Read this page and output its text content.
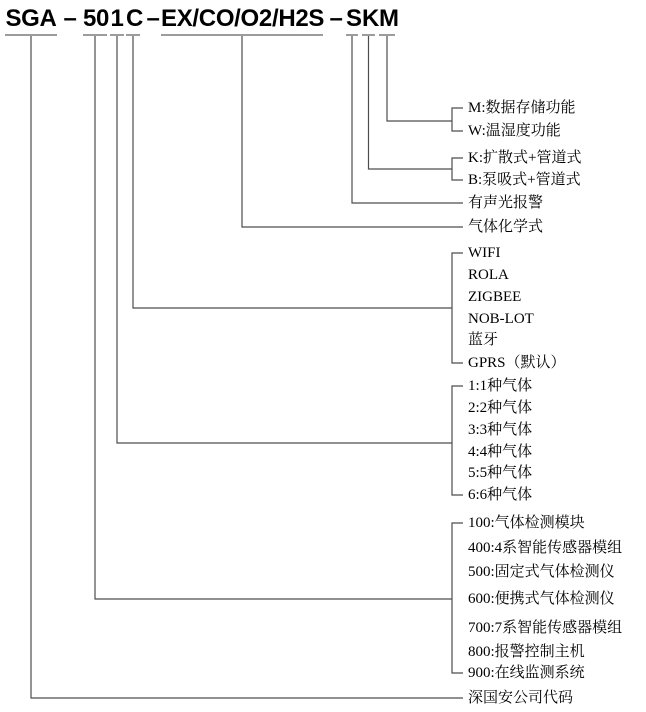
SGA – 50 1 C – EX/CO/O2/H2S – S K M
M:数据存储功能
W:温湿度功能
K:扩散式+管道式
B:泵吸式+管道式
有声光报警
气体化学式
WIFI
ROLA
ZIGBEE
NOB-LOT
蓝牙
GPRS（默认）
1:1种气体
2:2种气体
3:3种气体
4:4种气体
5:5种气体
6:6种气体
100:气体检测模块
400:4系智能传感器模组
500:固定式气体检测仪
600:便携式气体检测仪
700:7系智能传感器模组
800:报警控制主机
900:在线监测系统
深国安公司代码
